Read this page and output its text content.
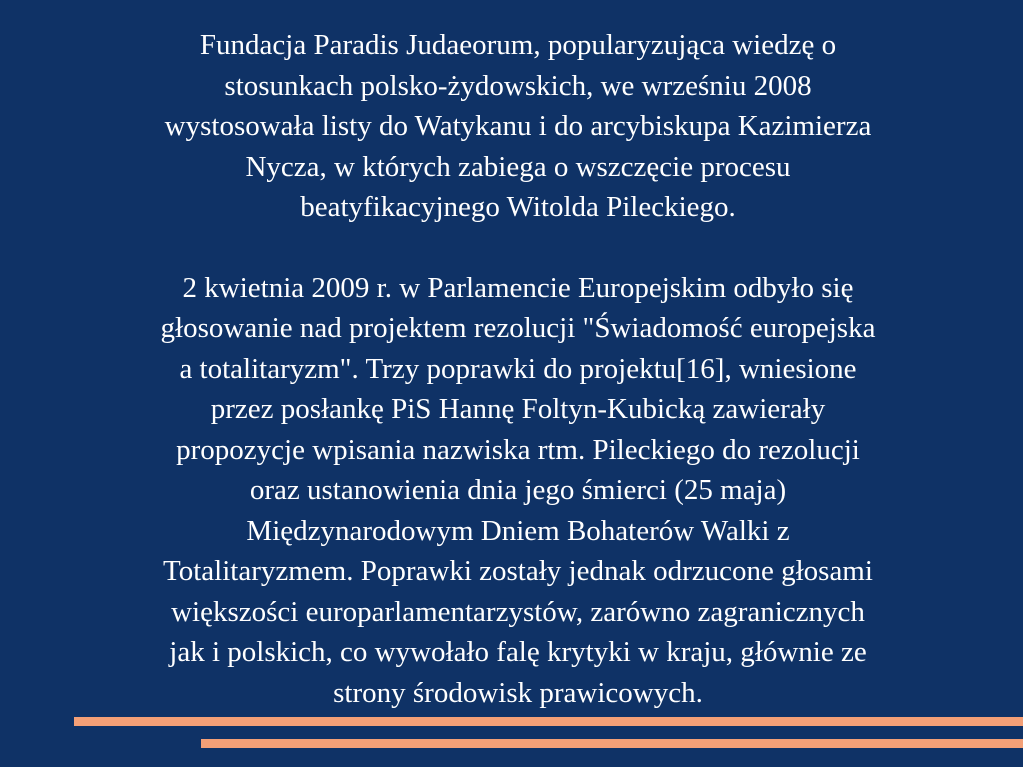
Fundacja Paradis Judaeorum, popularyzująca wiedzę o
stosunkach polsko-żydowskich, we wrześniu 2008
wystosowała listy do Watykanu i do arcybiskupa Kazimierza
Nycza, w których zabiega o wszczęcie procesu
beatyfikacyjnego Witolda Pileckiego.
2 kwietnia 2009 r. w Parlamencie Europejskim odbyło się
głosowanie nad projektem rezolucji "Świadomość europejska
a totalitaryzm". Trzy poprawki do projektu[16], wniesione
przez posłankę PiS Hannę Foltyn-Kubicką zawierały
propozycje wpisania nazwiska rtm. Pileckiego do rezolucji
oraz ustanowienia dnia jego śmierci (25 maja)
Międzynarodowym Dniem Bohaterów Walki z
Totalitaryzmem. Poprawki zostały jednak odrzucone głosami
większości europarlamentarzystów, zarówno zagranicznych
jak i polskich, co wywołało falę krytyki w kraju, głównie ze
strony środowisk prawicowych.
